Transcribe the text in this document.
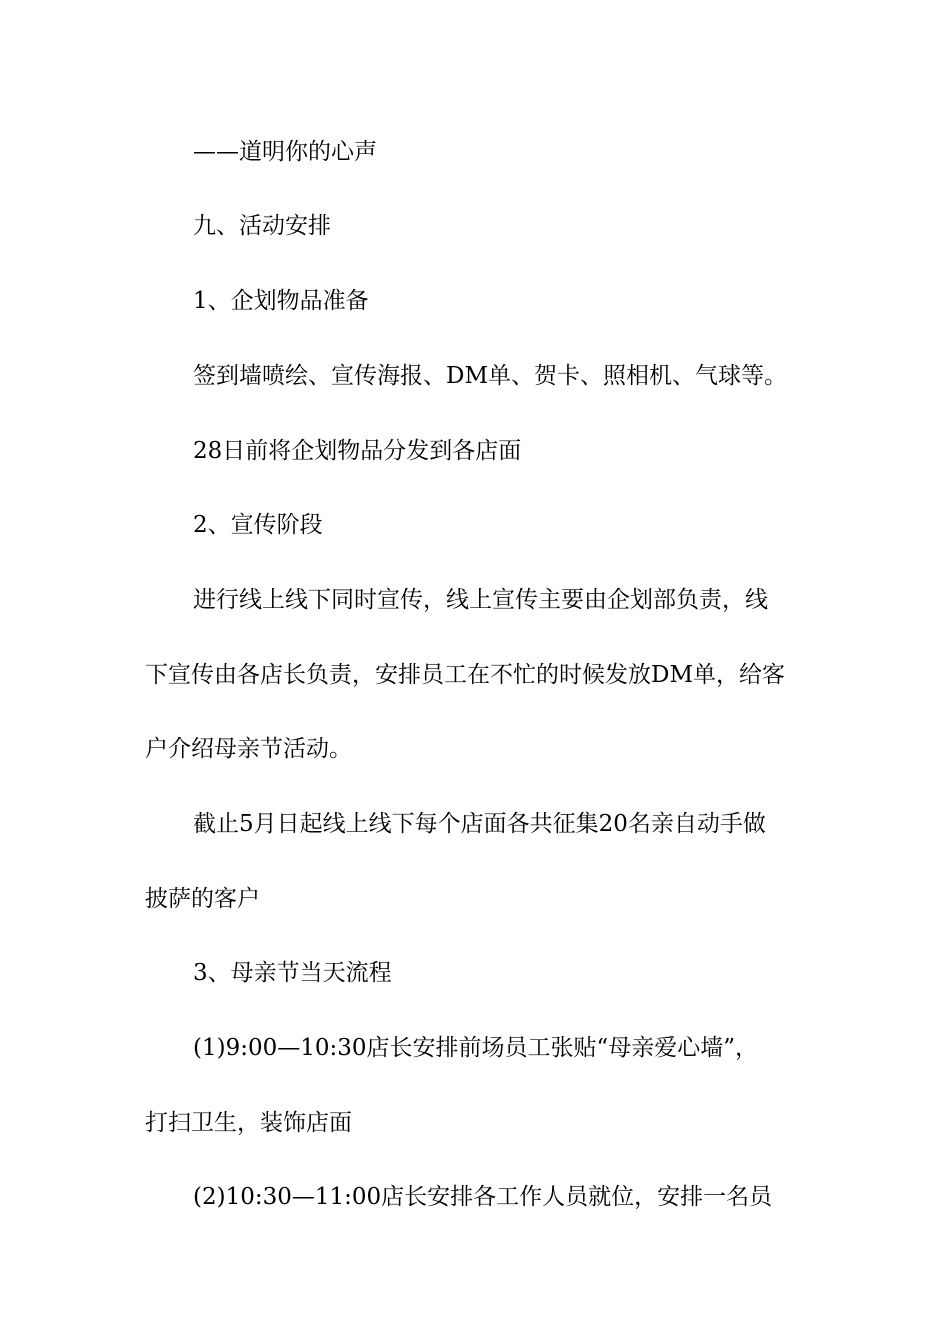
——道明你的心声
九、活动安排
1、企划物品准备
签到墙喷绘、宣传海报、DM单、贺卡、照相机、气球等。
28日前将企划物品分发到各店面
2、宣传阶段
进行线上线下同时宣传，线上宣传主要由企划部负责，线
下宣传由各店长负责，安排员工在不忙的时候发放DM单，给客
户介绍母亲节活动。
截止5月日起线上线下每个店面各共征集20名亲自动手做
披萨的客户
3、母亲节当天流程
(1)9:00—10:30店长安排前场员工张贴“母亲爱心墙”，
打扫卫生，装饰店面
(2)10:30—11:00店长安排各工作人员就位，安排一名员
